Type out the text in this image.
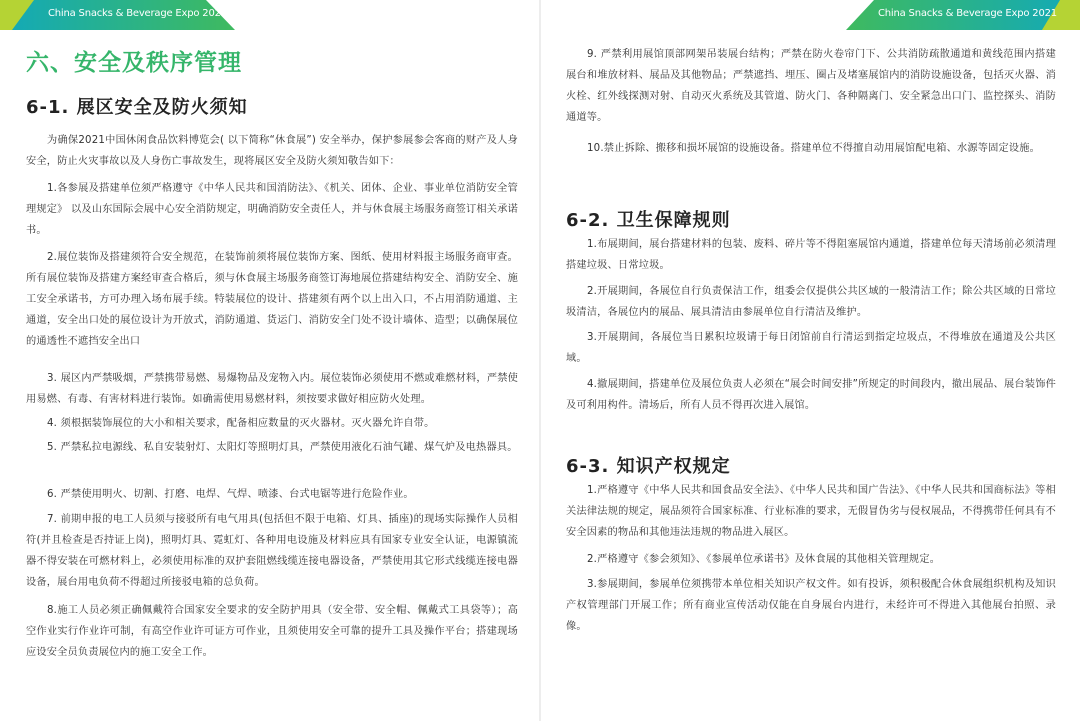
China Snacks & Beverage Expo 2021
六、安全及秩序管理
6-1. 展区安全及防火须知
为确保2021中国休闲食品饮料博览会( 以下简称“休食展”) 安全举办，保护参展参会客商的财产及人身安全，防止火灾事故以及人身伤亡事故发生，现将展区安全及防火须知敬告如下：
1.各参展及搭建单位须严格遵守《中华人民共和国消防法》、《机关、团体、企业、事业单位消防安全管理规定》 以及山东国际会展中心安全消防规定，明确消防安全责任人，并与休食展主场服务商签订相关承诺书。
2.展位装饰及搭建须符合安全规范，在装饰前须将展位装饰方案、图纸、使用材料报主场服务商审查。所有展位装饰及搭建方案经审查合格后，须与休食展主场服务商签订海地展位搭建结构安全、消防安全、施工安全承诺书，方可办理入场布展手续。特装展位的设计、搭建须有两个以上出入口，不占用消防通道、主通道，安全出口处的展位设计为开放式，消防通道、货运门、消防安全门处不设计墙体、造型；以确保展位的通透性不遮挡安全出口
3. 展区内严禁吸烟，严禁携带易燃、易爆物品及宠物入内。展位装饰必须使用不燃或难燃材料，严禁使用易燃、有毒、有害材料进行装饰。如确需使用易燃材料，须按要求做好相应防火处理。
4. 须根据装饰展位的大小和相关要求，配备相应数量的灭火器材。灭火器允许自带。
5. 严禁私拉电源线、私自安装射灯、太阳灯等照明灯具，严禁使用液化石油气罐、煤气炉及电热器具。
6. 严禁使用明火、切割、打磨、电焊、气焊、喷漆、台式电锯等进行危险作业。
7. 前期申报的电工人员须与接驳所有电气用具(包括但不限于电箱、灯具、插座)的现场实际操作人员相符(并且检查是否持证上岗)，照明灯具、霓虹灯、各种用电设施及材料应具有国家专业安全认证，电源镇流器不得安装在可燃材料上，必须使用标准的双护套阻燃线缆连接电器设备，严禁使用其它形式线缆连接电器设备，展台用电负荷不得超过所接驳电箱的总负荷。
8.施工人员必须正确佩戴符合国家安全要求的安全防护用具（安全带、安全帽、佩戴式工具袋等）；高空作业实行作业许可制，有高空作业许可证方可作业，且须使用安全可靠的提升工具及操作平台；搭建现场应设安全员负责展位内的施工安全工作。
9. 严禁利用展馆顶部网架吊装展台结构；严禁在防火卷帘门下、公共消防疏散通道和黄线范围内搭建展台和堆放材料、展品及其他物品；严禁遮挡、埋压、圈占及堵塞展馆内的消防设施设备，包括灭火器、消火栓、红外线探测对射、自动灭火系统及其管道、防火门、各种隔离门、安全紧急出口门、监控探头、消防通道等。
10.禁止拆除、搬移和损坏展馆的设施设备。搭建单位不得擅自动用展馆配电箱、水源等固定设施。
6-2. 卫生保障规则
1.布展期间，展台搭建材料的包装、废料、碎片等不得阻塞展馆内通道，搭建单位每天清场前必须清理搭建垃圾、日常垃圾。
2.开展期间，各展位自行负责保洁工作，组委会仅提供公共区域的一般清洁工作；除公共区域的日常垃圾清洁，各展位内的展品、展具清洁由参展单位自行清洁及维护。
3.开展期间，各展位当日累积垃圾请于每日闭馆前自行清运到指定垃圾点，不得堆放在通道及公共区域。
4.撤展期间，搭建单位及展位负责人必须在“展会时间安排”所规定的时间段内，撤出展品、展台装饰件及可利用构件。清场后，所有人员不得再次进入展馆。
6-3. 知识产权规定
1.严格遵守《中华人民共和国食品安全法》、《中华人民共和国广告法》、《中华人民共和国商标法》等相关法律法规的规定，展品须符合国家标准、行业标准的要求，无假冒伪劣与侵权展品，不得携带任何具有不安全因素的物品和其他违法违规的物品进入展区。
2.严格遵守《参会须知》、《参展单位承诺书》及休食展的其他相关管理规定。
3.参展期间，参展单位须携带本单位相关知识产权文件。如有投诉，须积极配合休食展组织机构及知识产权管理部门开展工作；所有商业宣传活动仅能在自身展台内进行，未经许可不得进入其他展台拍照、录像。
China Snacks & Beverage Expo 2021
